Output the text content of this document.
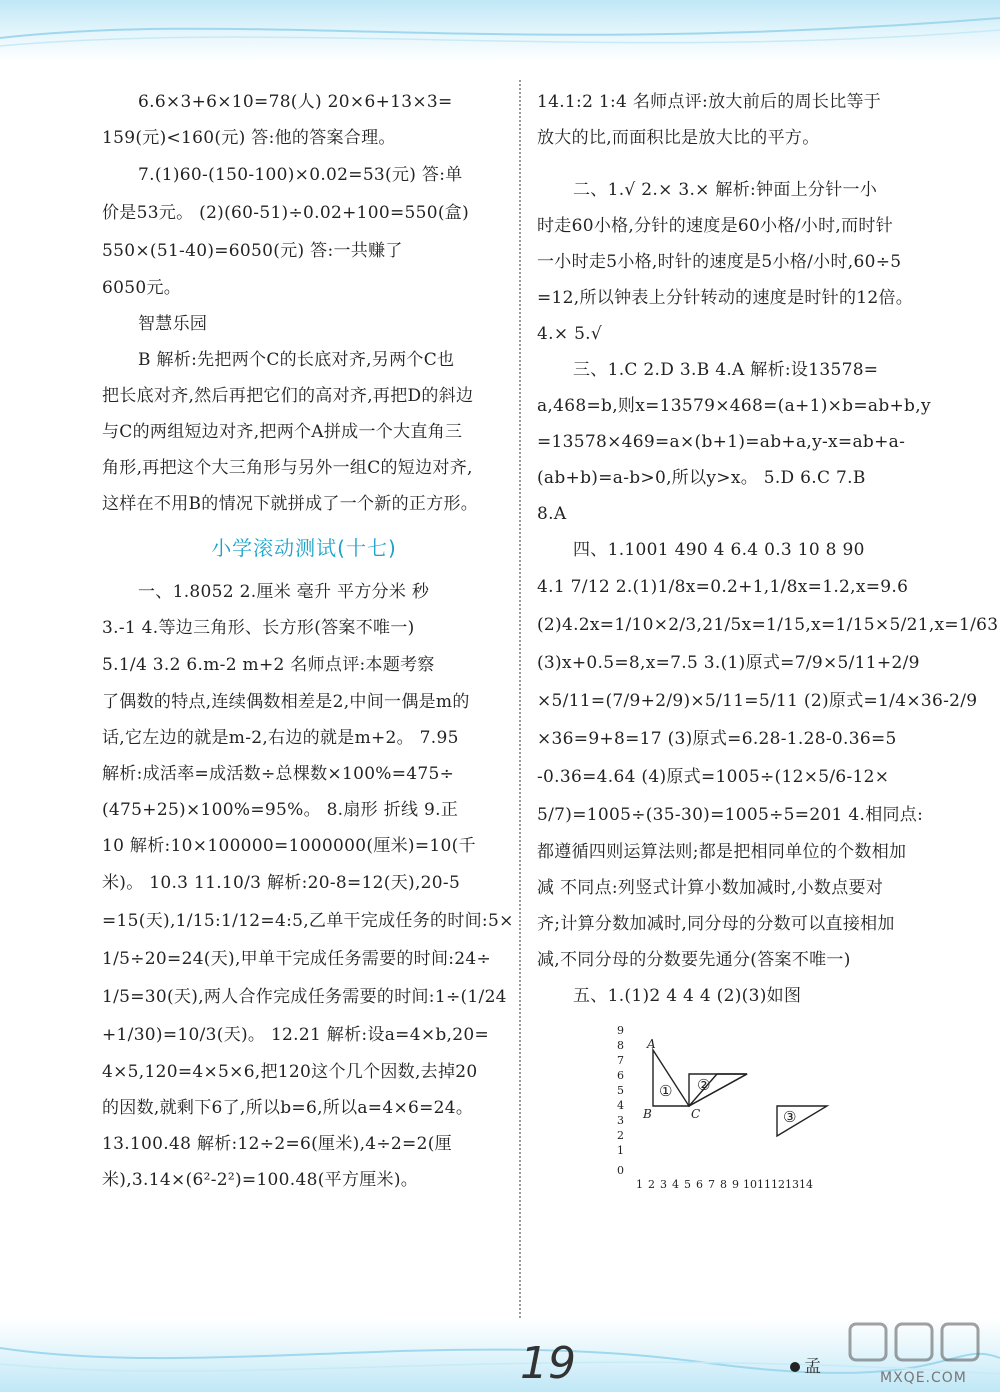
6.6×3+6×10=78(人) 20×6+13×3=
159(元)<160(元) 答:他的答案合理。
7.(1)60-(150-100)×0.02=53(元) 答:单
价是53元。 (2)(60-51)÷0.02+100=550(盒)
550×(51-40)=6050(元) 答:一共赚了
6050元。
智慧乐园
B 解析:先把两个C的长底对齐,另两个C也
把长底对齐,然后再把它们的高对齐,再把D的斜边
与C的两组短边对齐,把两个A拼成一个大直角三
角形,再把这个大三角形与另外一组C的短边对齐,
这样在不用B的情况下就拼成了一个新的正方形。
小学滚动测试(十七)
一、1.8052 2.厘米 毫升 平方分米 秒
3.-1 4.等边三角形、长方形(答案不唯一)
5.1/4 3.2 6.m-2 m+2 名师点评:本题考察
了偶数的特点,连续偶数相差是2,中间一偶是m的
话,它左边的就是m-2,右边的就是m+2。 7.95
解析:成活率=成活数÷总棵数×100%=475÷
(475+25)×100%=95%。 8.扇形 折线 9.正
10 解析:10×100000=1000000(厘米)=10(千
米)。 10.3 11.10/3 解析:20-8=12(天),20-5
=15(天),1/15:1/12=4:5,乙单干完成任务的时间:5×
1/5÷20=24(天),甲单干完成任务需要的时间:24÷
1/5=30(天),两人合作完成任务需要的时间:1÷(1/24
+1/30)=10/3(天)。 12.21 解析:设a=4×b,20=
4×5,120=4×5×6,把120这个几个因数,去掉20
的因数,就剩下6了,所以b=6,所以a=4×6=24。
13.100.48 解析:12÷2=6(厘米),4÷2=2(厘
米),3.14×(6²-2²)=100.48(平方厘米)。
14.1:2 1:4 名师点评:放大前后的周长比等于
放大的比,而面积比是放大比的平方。
二、1.√ 2.× 3.× 解析:钟面上分针一小
时走60小格,分针的速度是60小格/小时,而时针
一小时走5小格,时针的速度是5小格/小时,60÷5
=12,所以钟表上分针转动的速度是时针的12倍。
4.× 5.√
三、1.C 2.D 3.B 4.A 解析:设13578=
a,468=b,则x=13579×468=(a+1)×b=ab+b,y
=13578×469=a×(b+1)=ab+a,y-x=ab+a-
(ab+b)=a-b>0,所以y>x。 5.D 6.C 7.B
8.A
四、1.1001 490 4 6.4 0.3 10 8 90
4.1 7/12 2.(1)1/8x=0.2+1,1/8x=1.2,x=9.6
(2)4.2x=1/10×2/3,21/5x=1/15,x=1/15×5/21,x=1/63
(3)x+0.5=8,x=7.5 3.(1)原式=7/9×5/11+2/9
×5/11=(7/9+2/9)×5/11=5/11 (2)原式=1/4×36-2/9
×36=9+8=17 (3)原式=6.28-1.28-0.36=5
-0.36=4.64 (4)原式=1005÷(12×5/6-12×
5/7)=1005÷(35-30)=1005÷5=201 4.相同点:
都遵循四则运算法则;都是把相同单位的个数相加
减 不同点:列竖式计算小数加减时,小数点要对
齐;计算分数加减时,同分母的分数可以直接相加
减,不同分母的分数要先通分(答案不唯一)
五、1.(1)2 4 4 4 (2)(3)如图
9
8
7
6
5
4
3
2
1
0
1 2 3 4 5 6 7 8 9 10 11 12 13 14
A
B	C
① ②
③
19	孟
MXQE.COM
